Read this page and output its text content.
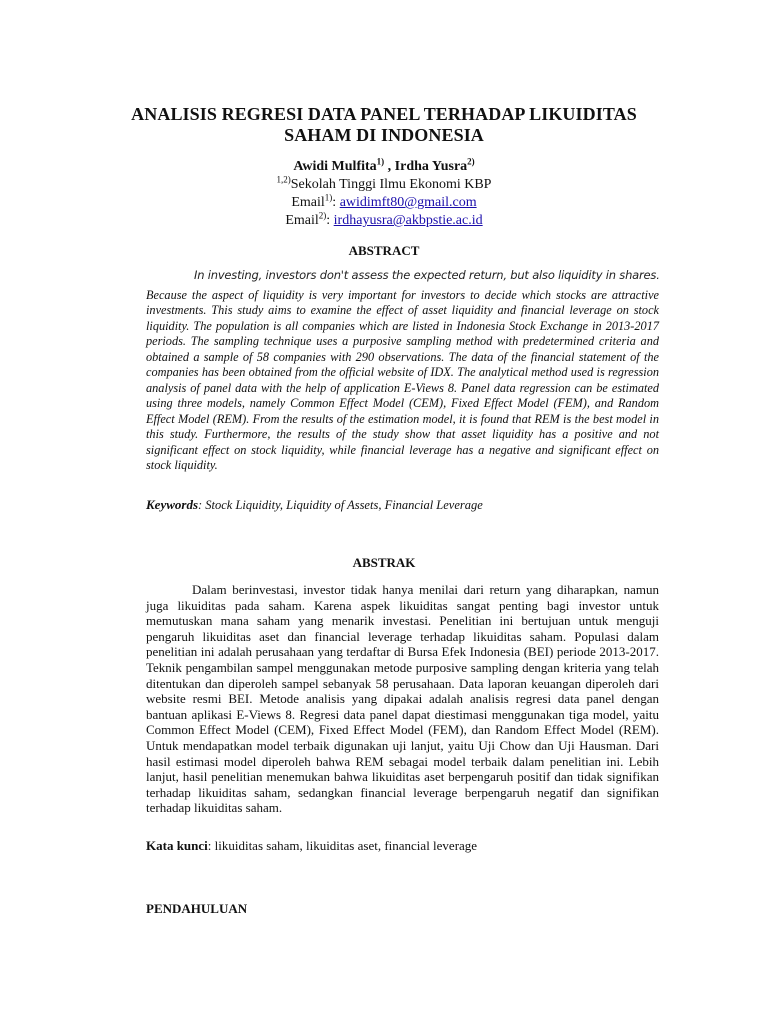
ANALISIS REGRESI DATA PANEL TERHADAP LIKUIDITAS
SAHAM DI INDONESIA
Awidi Mulfita$^{1)}$ , Irdha Yusra$^{2)}$
$^{1,2)}$Sekolah Tinggi Ilmu Ekonomi KBP
Email$^{1)}$: awidimft80@gmail.com
Email$^{2)}$: irdhayusra@akbpstie.ac.id
ABSTRACT
In investing, investors don't assess the expected return, but also liquidity in shares.
Because the aspect of liquidity is very important for investors to decide which stocks are attractive investments. This study aims to examine the effect of asset liquidity and financial leverage on stock liquidity. The population is all companies which are listed in Indonesia Stock Exchange in 2013-2017 periods. The sampling technique uses a purposive sampling method with predetermined criteria and obtained a sample of 58 companies with 290 observations. The data of the financial statement of the companies has been obtained from the official website of IDX. The analytical method used is regression analysis of panel data with the help of application E-Views 8. Panel data regression can be estimated using three models, namely Common Effect Model (CEM), Fixed Effect Model (FEM), and Random Effect Model (REM). From the results of the estimation model, it is found that REM is the best model in this study. Furthermore, the results of the study show that asset liquidity has a positive and not significant effect on stock liquidity, while financial leverage has a negative and significant effect on stock liquidity.
Keywords: Stock Liquidity, Liquidity of Assets, Financial Leverage
ABSTRAK
Dalam berinvestasi, investor tidak hanya menilai dari return yang diharapkan, namun juga likuiditas pada saham. Karena aspek likuiditas sangat penting bagi investor untuk memutuskan mana saham yang menarik investasi. Penelitian ini bertujuan untuk menguji pengaruh likuiditas aset dan financial leverage terhadap likuiditas saham. Populasi dalam penelitian ini adalah perusahaan yang terdaftar di Bursa Efek Indonesia (BEI) periode 2013-2017. Teknik pengambilan sampel menggunakan metode purposive sampling dengan kriteria yang telah ditentukan dan diperoleh sampel sebanyak 58 perusahaan. Data laporan keuangan diperoleh dari website resmi BEI. Metode analisis yang dipakai adalah analisis regresi data panel dengan bantuan aplikasi E-Views 8. Regresi data panel dapat diestimasi menggunakan tiga model, yaitu Common Effect Model (CEM), Fixed Effect Model (FEM), dan Random Effect Model (REM). Untuk mendapatkan model terbaik digunakan uji lanjut, yaitu Uji Chow dan Uji Hausman. Dari hasil estimasi model diperoleh bahwa REM sebagai model terbaik dalam penelitian ini. Lebih lanjut, hasil penelitian menemukan bahwa likuiditas aset berpengaruh positif dan tidak signifikan terhadap likuiditas saham, sedangkan financial leverage berpengaruh negatif dan signifikan terhadap likuiditas saham.
Kata kunci: likuiditas saham, likuiditas aset, financial leverage
PENDAHULUAN
